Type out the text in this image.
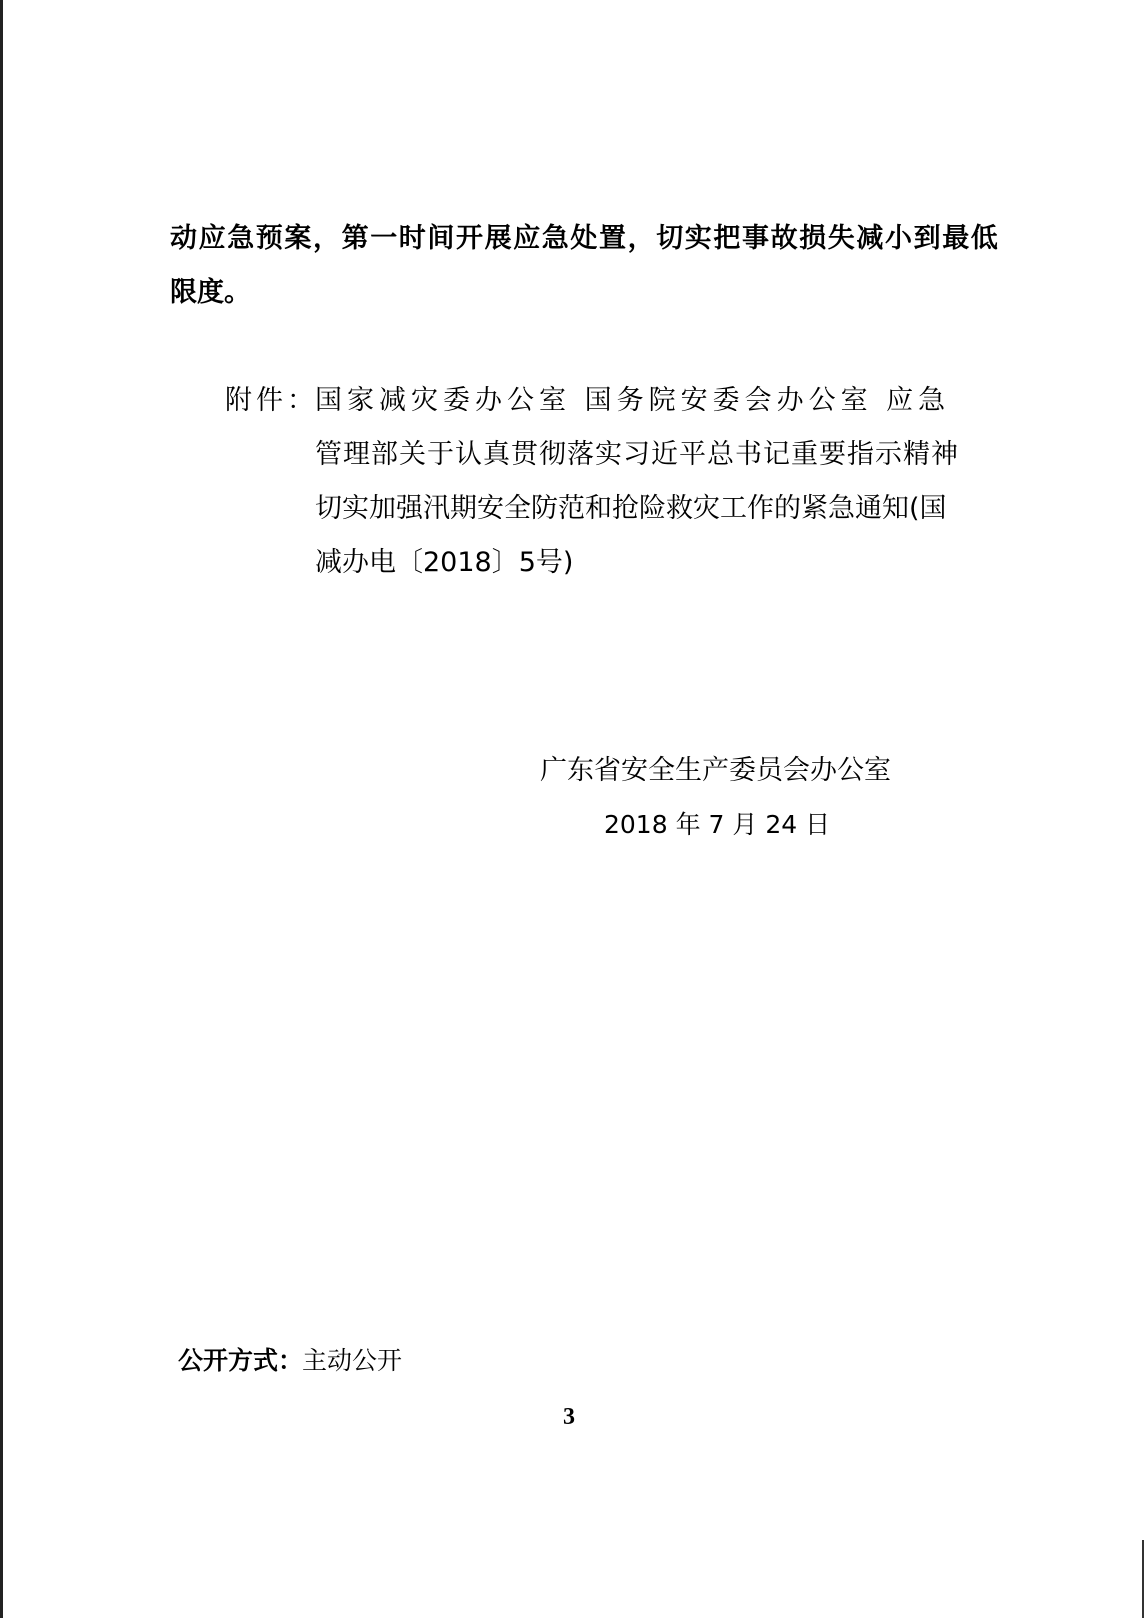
动应急预案，第一时间开展应急处置，切实把事故损失减小到最低
限度。
附件：
国家减灾委办公室 国务院安委会办公室 应急
管理部关于认真贯彻落实习近平总书记重要指示精神
切实加强汛期安全防范和抢险救灾工作的紧急通知(国
减办电〔2018〕5号)
广东省安全生产委员会办公室
2018 年 7 月 24 日
公开方式：
主动公开
3
